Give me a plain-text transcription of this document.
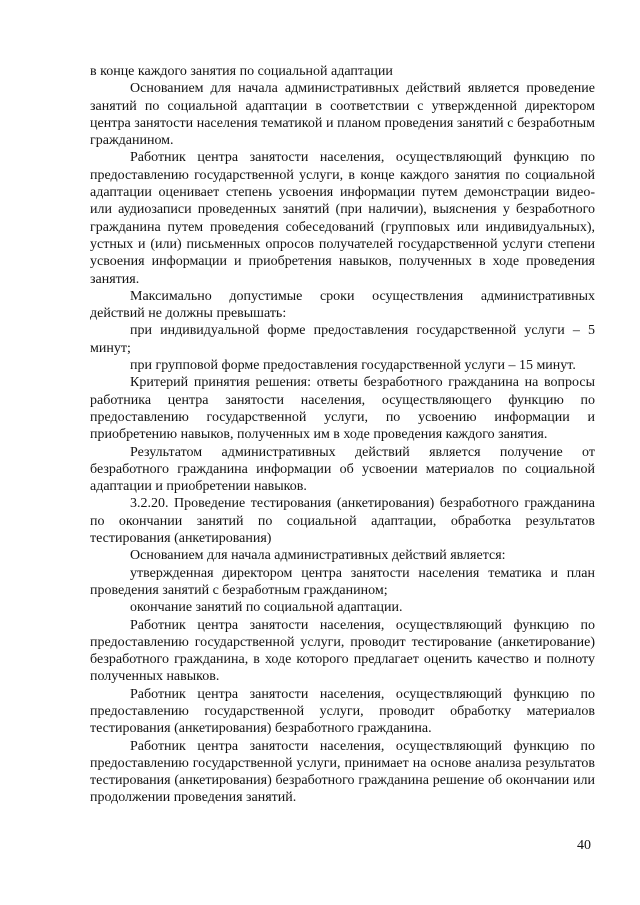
в конце каждого занятия по социальной адаптации

Основанием для начала административных действий является проведение занятий по социальной адаптации в соответствии с утвержденной директором центра занятости населения тематикой и планом проведения занятий с безработным гражданином.

Работник центра занятости населения, осуществляющий функцию по предоставлению государственной услуги, в конце каждого занятия по социальной адаптации оценивает степень усвоения информации путем демонстрации видео- или аудиозаписи проведенных занятий (при наличии), выяснения у безработного гражданина путем проведения собеседований (групповых или индивидуальных), устных и (или) письменных опросов получателей государственной услуги степени усвоения информации и приобретения навыков, полученных в ходе проведения занятия.

Максимально допустимые сроки осуществления административных действий не должны превышать:

при индивидуальной форме предоставления государственной услуги – 5 минут;

при групповой форме предоставления государственной услуги – 15 минут.

Критерий принятия решения: ответы безработного гражданина на вопросы работника центра занятости населения, осуществляющего функцию по предоставлению государственной услуги, по усвоению информации и приобретению навыков, полученных им в ходе проведения каждого занятия.

Результатом административных действий является получение от безработного гражданина информации об усвоении материалов по социальной адаптации и приобретении навыков.

3.2.20. Проведение тестирования (анкетирования) безработного гражданина по окончании занятий по социальной адаптации, обработка результатов тестирования (анкетирования)

Основанием для начала административных действий является:

утвержденная директором центра занятости населения тематика и план проведения занятий с безработным гражданином;

окончание занятий по социальной адаптации.

Работник центра занятости населения, осуществляющий функцию по предоставлению государственной услуги, проводит тестирование (анкетирование) безработного гражданина, в ходе которого предлагает оценить качество и полноту полученных навыков.

Работник центра занятости населения, осуществляющий функцию по предоставлению государственной услуги, проводит обработку материалов тестирования (анкетирования) безработного гражданина.

Работник центра занятости населения, осуществляющий функцию по предоставлению государственной услуги, принимает на основе анализа результатов тестирования (анкетирования) безработного гражданина решение об окончании или продолжении проведения занятий.

40
